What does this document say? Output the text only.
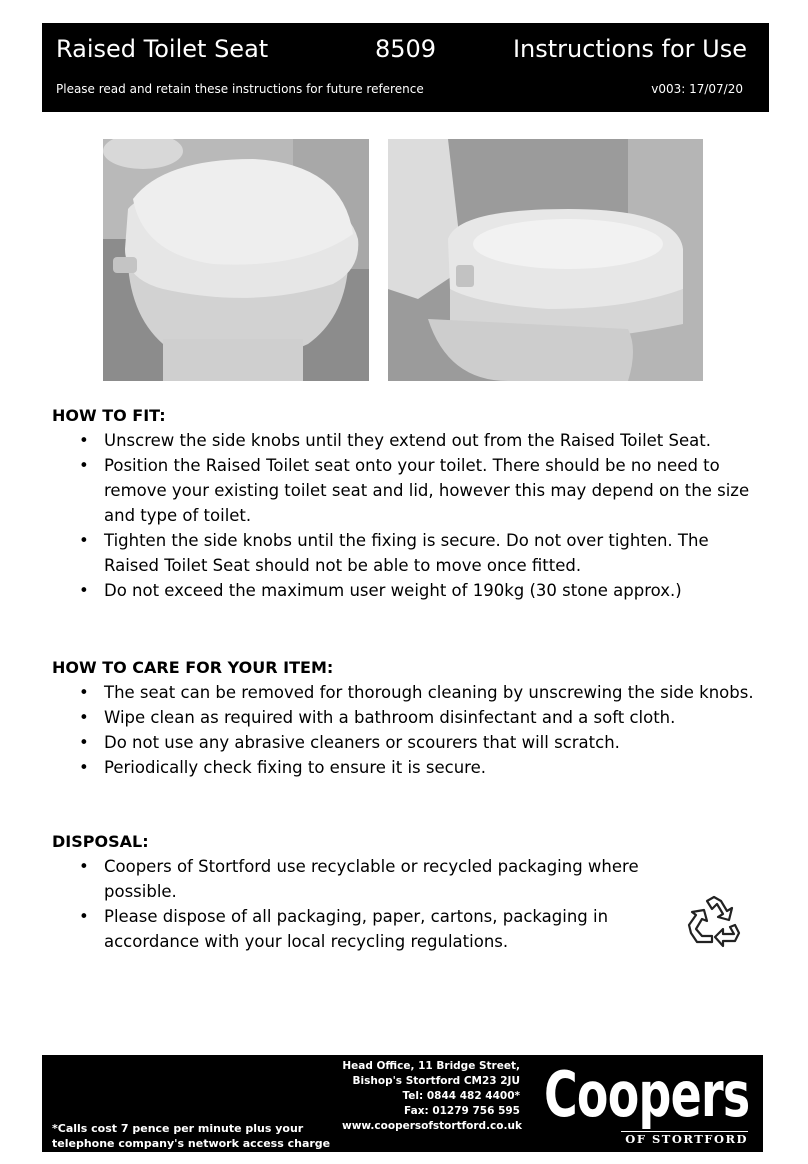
Raised Toilet Seat	8509	Instructions for Use
Please read and retain these instructions for future reference	v003: 17/07/20
HOW TO FIT:
• Unscrew the side knobs until they extend out from the Raised Toilet Seat.
• Position the Raised Toilet seat onto your toilet. There should be no need to remove your existing toilet seat and lid, however this may depend on the size and type of toilet.
• Tighten the side knobs until the fixing is secure. Do not over tighten. The Raised Toilet Seat should not be able to move once fitted.
• Do not exceed the maximum user weight of 190kg (30 stone approx.)
HOW TO CARE FOR YOUR ITEM:
• The seat can be removed for thorough cleaning by unscrewing the side knobs.
• Wipe clean as required with a bathroom disinfectant and a soft cloth.
• Do not use any abrasive cleaners or scourers that will scratch.
• Periodically check fixing to ensure it is secure.
DISPOSAL:
• Coopers of Stortford use recyclable or recycled packaging where possible.
• Please dispose of all packaging, paper, cartons, packaging in accordance with your local recycling regulations.
*Calls cost 7 pence per minute plus your
telephone company's network access charge
Head Office, 11 Bridge Street,
Bishop's Stortford CM23 2JU
Tel: 0844 482 4400*
Fax: 01279 756 595
www.coopersofstortford.co.uk Coopers
OF STORTFORD
